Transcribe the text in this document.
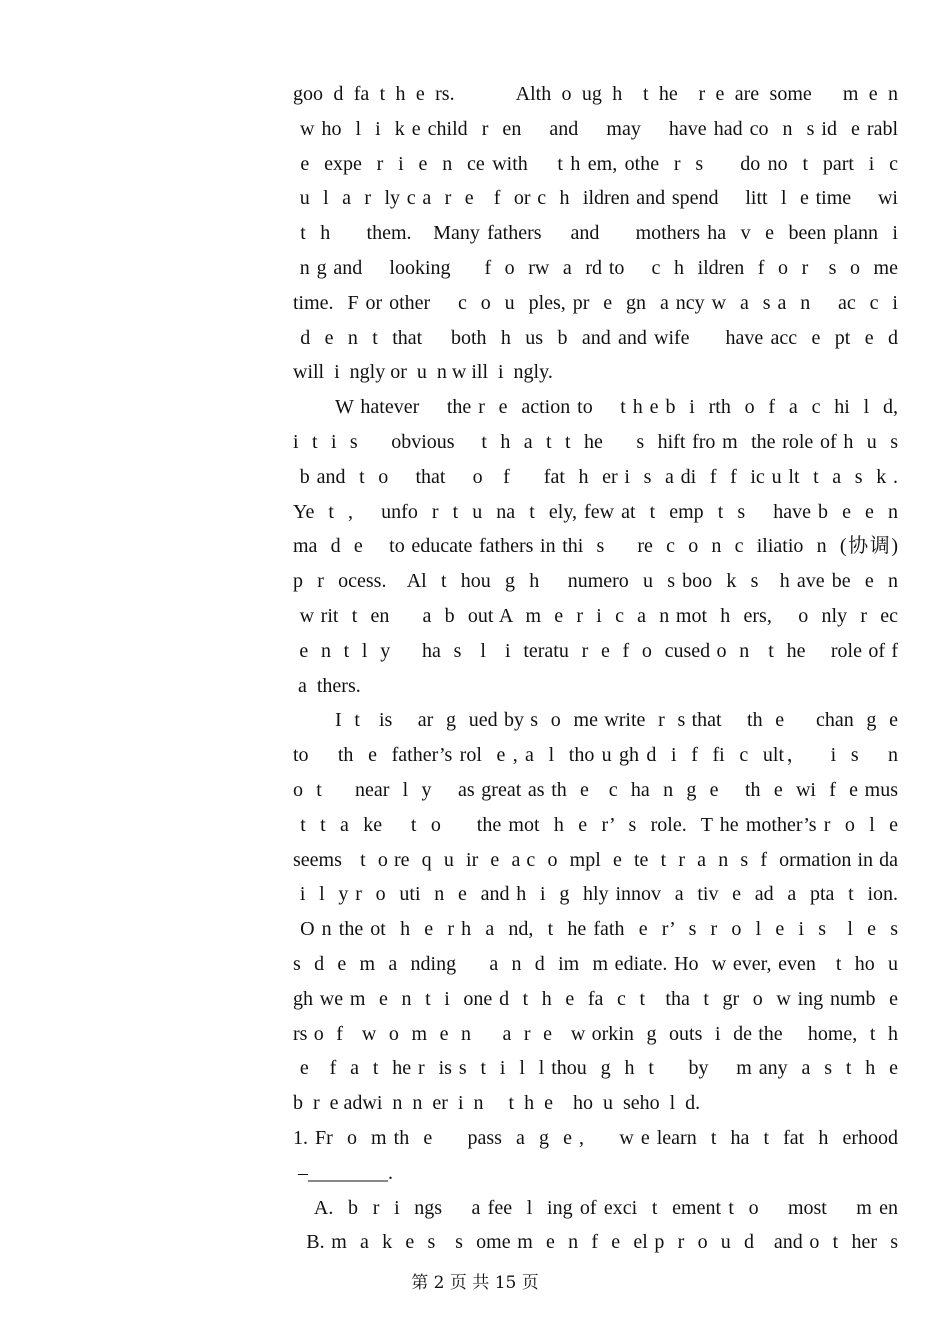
goo d fa t h e rs.      Alth o ug h  t he  r e are some   m e n
w ho  l  i  k e child  r  en    and    may    have had co  n  s id  e rabl
e  expe  r  i  e  n  ce with    t h em, othe  r  s     do no  t  part  i  c
u  l  a  r  ly c a  r  e   f  or c  h  ildren and spend    litt  l  e time    wi
t  h     them.   Many fathers    and     mothers ha  v  e  been plann  i
n g and    looking     f  o  rw  a  rd to    c  h  ildren  f  o  r   s  o  me
time.  F or other    c  o  u  ples, pr  e  gn  a ncy w  a  s a  n    ac  c  i
d  e  n  t  that    both  h  us  b  and and wife     have acc  e  pt  e  d
will  i  ngly or  u  n w ill  i  ngly.
W hatever    the r  e  action to    t h e b  i  rth  o  f  a  c  hi  l  d,
i  t  i  s     obvious    t  h  a  t  t  he     s  hift fro m  the role of h  u  s
b and  t  o    that    o   f     fat  h  er i  s  a di  f  f  ic u lt  t  a  s  k .
Ye  t  ,    unfo  r  t  u  na  t  ely, few at  t  emp  t  s    have b  e  e  n
ma  d  e    to educate fathers in thi  s     re  c  o  n  c  iliatio  n  (协调)
p  r  ocess.   Al  t  hou  g  h    numero  u  s boo  k  s   h ave be  e  n
w rit  t  en     a  b  out A  m  e  r  i  c  a  n mot  h  ers,    o  nly  r  ec
e  n  t  l  y     ha  s   l   i  teratu  r  e  f  o  cused o  n   t  he    role of f
a  thers.
I  t   is    ar  g  ued by s  o  me write  r  s that    th  e     chan  g  e
to    th  e  father’s rol  e , a  l  tho u gh d  i  f  fi  c  ult，   i  s    n
o  t     near  l  y    as great as th  e   c  ha  n  g  e    th  e  wi  f  e mus
t  t  a  ke    t  o     the mot  h  e  r’  s  role.  T he mother’s r  o  l  e
seems   t  o re  q  u  ir  e  a c  o  mpl  e  te  t  r  a  n  s  f  ormation in da
i  l  y r  o  uti  n  e  and h  i  g  hly innov  a  tiv  e  ad  a  pta  t  ion.
O n the ot  h  e  r h  a  nd,  t  he fath  e  r’  s  r  o  l  e  i  s   l  e  s
s  d  e  m  a  nding     a  n  d  im  m ediate. Ho  w ever, even   t  ho  u
gh we m  e  n  t  i  one d  t  h  e  fa  c  t   tha  t  gr  o  w ing numb  e
rs o  f   w  o  m  e  n     a  r  e   w orkin  g  outs  i  de the    home,  t  h
e   f  a  t  he r  is s  t  i  l  l thou  g  h  t     by    m any  a  s  t  h  e
b  r  e adwi  n  n  er  i  n     t  h  e    ho  u  seho  l  d.
1. Fr  o  m th  e     pass  a  g  e ,     w e learn  t  ha  t  fat  h  erhood
–________.
A.  b  r  i  ngs    a fee  l  ing of exci  t  ement t  o    most    m en
B. m  a  k  e  s   s  ome m  e  n  f  e  el p  r  o  u  d   and o  t  her  s
第 2 页 共 15 页
